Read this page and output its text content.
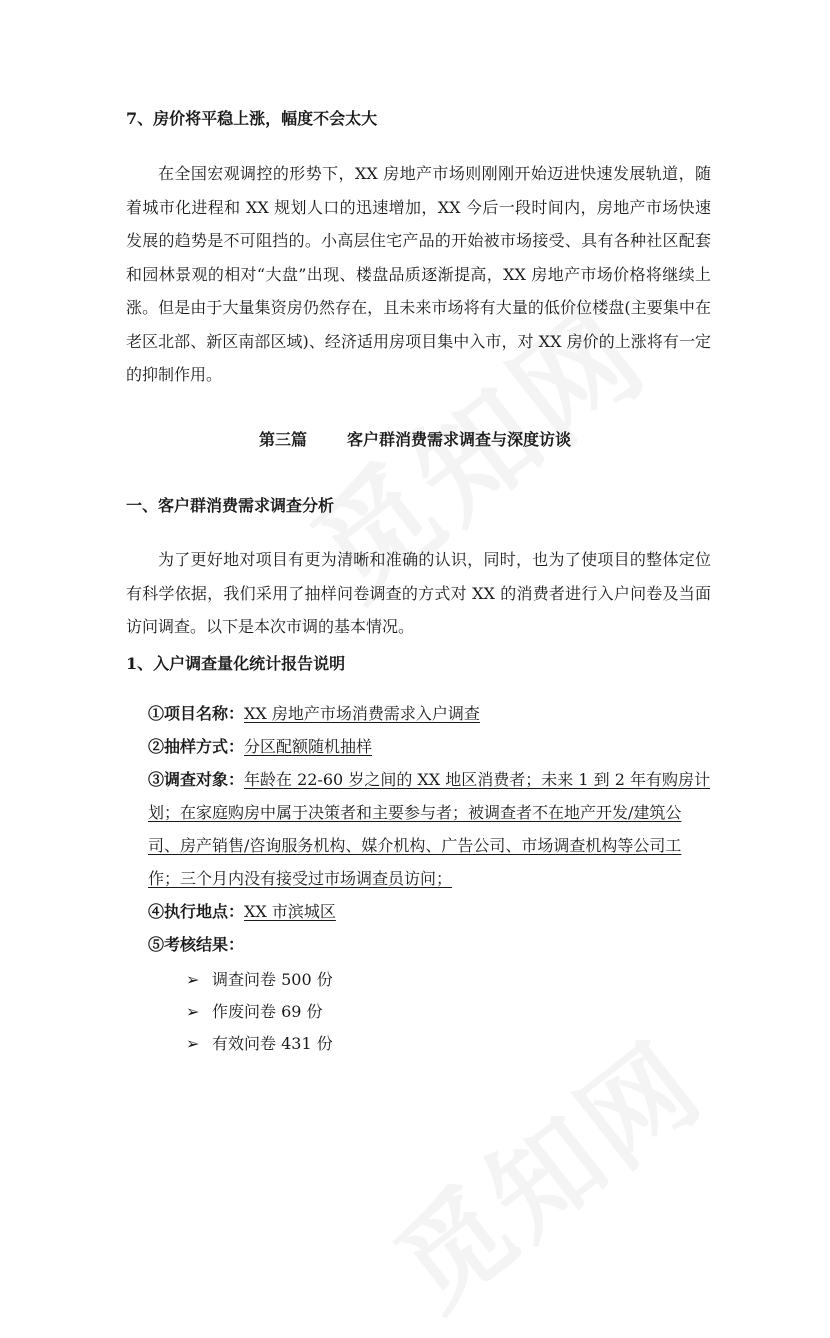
7、房价将平稳上涨，幅度不会太大

在全国宏观调控的形势下，XX 房地产市场则刚刚开始迈进快速发展轨道，随着城市化进程和 XX 规划人口的迅速增加，XX 今后一段时间内，房地产市场快速发展的趋势是不可阻挡的。小高层住宅产品的开始被市场接受、具有各种社区配套和园林景观的相对“大盘”出现、楼盘品质逐渐提高，XX 房地产市场价格将继续上涨。但是由于大量集资房仍然存在，且未来市场将有大量的低价位楼盘(主要集中在老区北部、新区南部区域)、经济适用房项目集中入市，对 XX 房价的上涨将有一定的抑制作用。

第三篇	客户群消费需求调查与深度访谈
一、客户群消费需求调查分析

为了更好地对项目有更为清晰和准确的认识，同时，也为了使项目的整体定位有科学依据，我们采用了抽样问卷调查的方式对 XX 的消费者进行入户问卷及当面访问调查。以下是本次市调的基本情况。

1、入户调查量化统计报告说明
①项目名称：XX 房地产市场消费需求入户调查
②抽样方式：分区配额随机抽样
③调查对象：年龄在 22-60 岁之间的 XX 地区消费者；未来 1 到 2 年有购房计划；在家庭购房中属于决策者和主要参与者；被调查者不在地产开发/建筑公司、房产销售/咨询服务机构、媒介机构、广告公司、市场调查机构等公司工作；三个月内没有接受过市场调查员访问；
④执行地点：XX 市滨城区
⑤考核结果：
➢ 调查问卷 500 份
➢ 作废问卷 69 份
➢ 有效问卷 431 份
